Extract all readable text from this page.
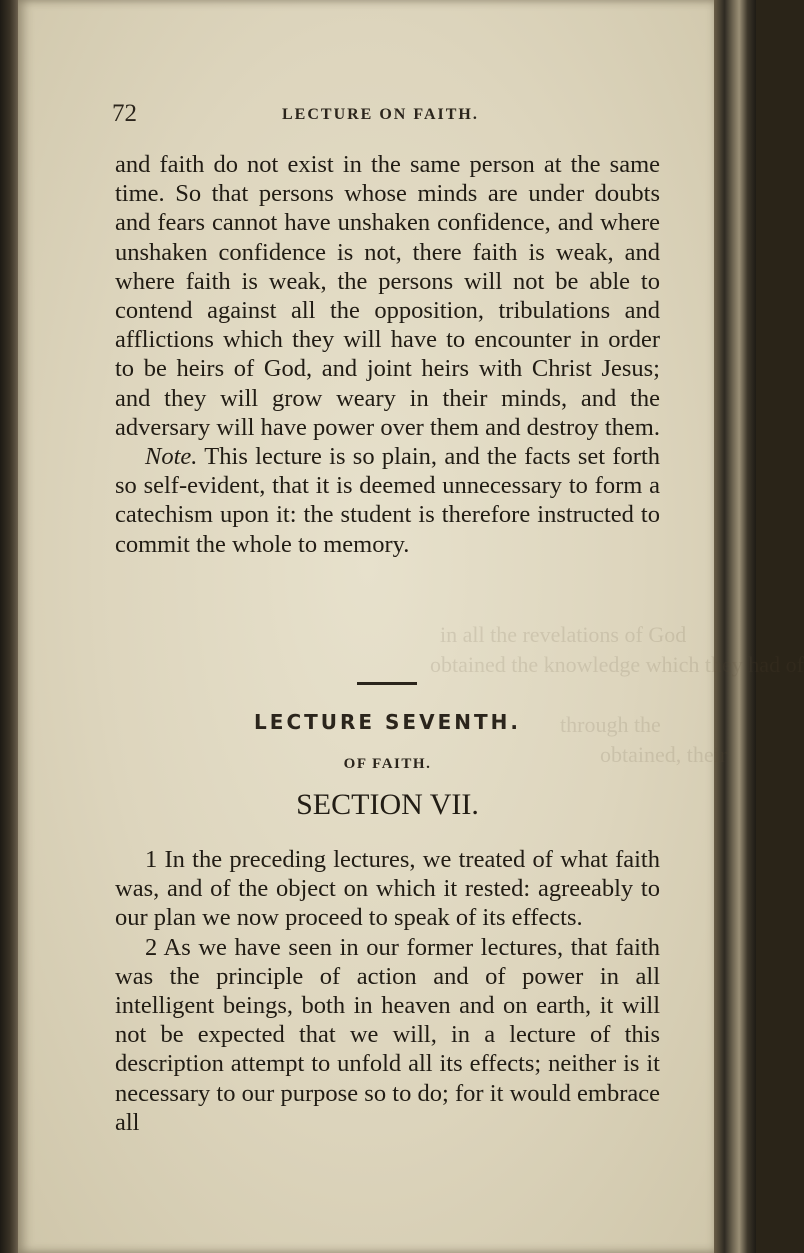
in all the revelations of God
obtained the knowledge which they had of
through the
obtained, their
72	LECTURE ON FAITH.

and faith do not exist in the same person at the same time. So that persons whose minds are under doubts and fears cannot have unshaken confidence, and where unshaken confidence is not, there faith is weak, and where faith is weak, the persons will not be able to contend against all the opposition, tribulations and afflictions which they will have to encounter in order to be heirs of God, and joint heirs with Christ Jesus; and they will grow weary in their minds, and the adversary will have power over them and destroy them.

Note. This lecture is so plain, and the facts set forth so self-evident, that it is deemed unnecessary to form a catechism upon it: the student is therefore instructed to commit the whole to memory.

LECTURE SEVENTH.
OF FAITH.
SECTION VII.

1 In the preceding lectures, we treated of what faith was, and of the object on which it rested: agreeably to our plan we now proceed to speak of its effects.

2 As we have seen in our former lectures, that faith was the principle of action and of power in all intelligent beings, both in heaven and on earth, it will not be expected that we will, in a lecture of this description attempt to unfold all its effects; neither is it necessary to our purpose so to do; for it would embrace all
